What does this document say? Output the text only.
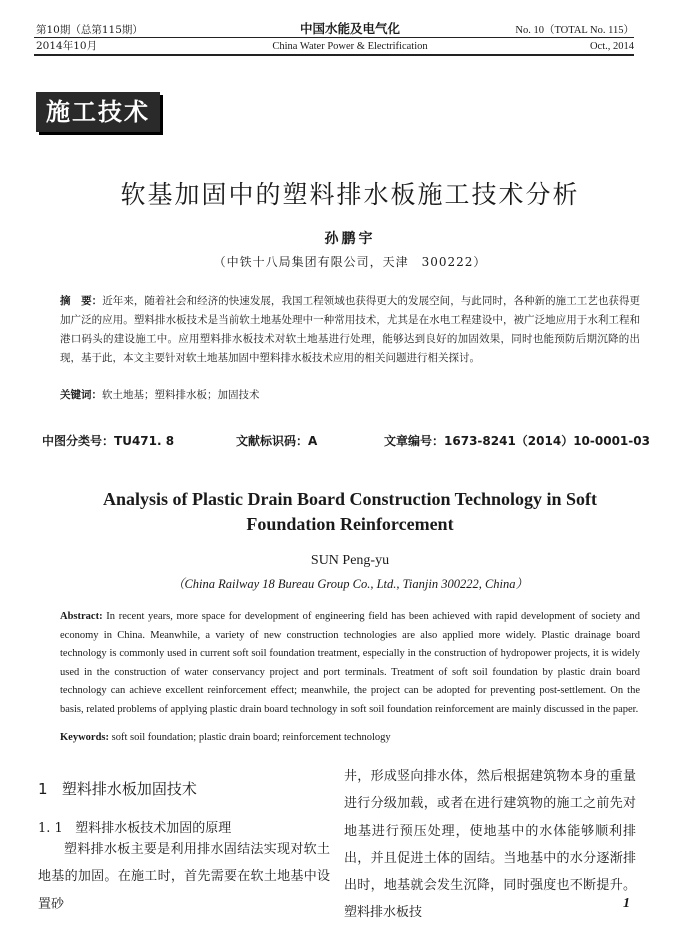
第10期（总第115期）
2014年10月
中国水能及电气化
China Water Power & Electrification
No. 10（TOTAL No. 115）
Oct., 2014
施工技术
软基加固中的塑料排水板施工技术分析
孙鹏宇
（中铁十八局集团有限公司，天津　300222）
摘　要：近年来，随着社会和经济的快速发展，我国工程领域也获得更大的发展空间，与此同时，各种新的施工工艺也获得更加广泛的应用。塑料排水板技术是当前软土地基处理中一种常用技术，尤其是在水电工程建设中，被广泛地应用于水利工程和港口码头的建设施工中。应用塑料排水板技术对软土地基进行处理，能够达到良好的加固效果，同时也能预防后期沉降的出现，基于此，本文主要针对软土地基加固中塑料排水板技术应用的相关问题进行相关探讨。
关键词：软土地基；塑料排水板；加固技术
中图分类号：TU471. 8	文献标识码：A	文章编号：1673-8241（2014）10-0001-03
Analysis of Plastic Drain Board Construction Technology in Soft Foundation Reinforcement
SUN Peng-yu
（China Railway 18 Bureau Group Co., Ltd., Tianjin 300222, China）
Abstract: In recent years, more space for development of engineering field has been achieved with rapid development of society and economy in China. Meanwhile, a variety of new construction technologies are also applied more widely. Plastic drainage board technology is commonly used in current soft soil foundation treatment, especially in the construction of hydropower projects, it is widely used in the construction of water conservancy project and port terminals. Treatment of soft soil foundation by plastic drain board technology can achieve excellent reinforcement effect; meanwhile, the project can be adopted for preventing post-settlement. On the basis, related problems of applying plastic drain board technology in soft soil foundation reinforcement are mainly discussed in the paper.
Keywords: soft soil foundation; plastic drain board; reinforcement technology
1 塑料排水板加固技术
1. 1 塑料排水板技术加固的原理
塑料排水板主要是利用排水固结法实现对软土地基的加固。在施工时，首先需要在软土地基中设置砂
井，形成竖向排水体，然后根据建筑物本身的重量进行分级加载，或者在进行建筑物的施工之前先对地基进行预压处理，使地基中的水体能够顺利排出，并且促进土体的固结。当地基中的水分逐渐排出时，地基就会发生沉降，同时强度也不断提升。塑料排水板技
1
